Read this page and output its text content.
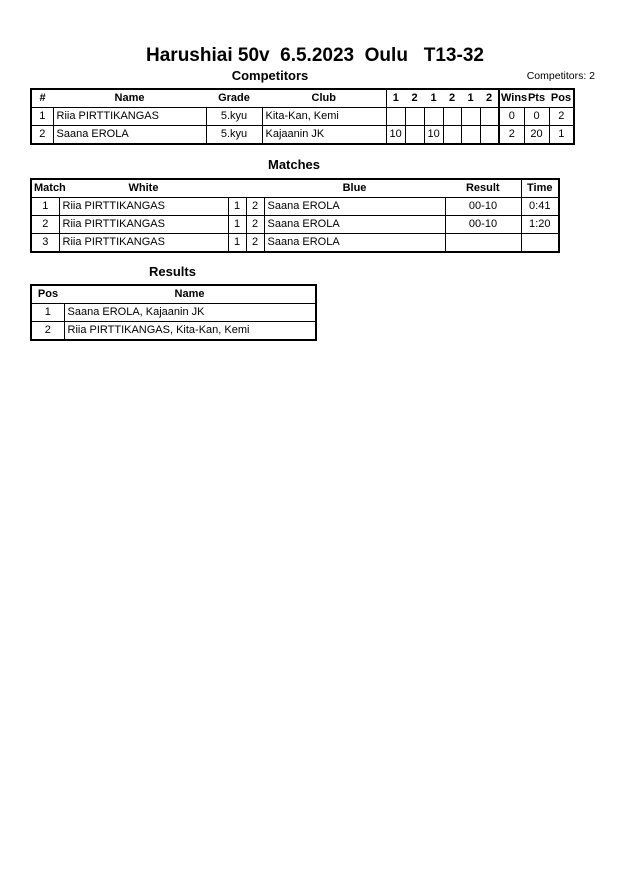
Harushiai 50v  6.5.2023  Oulu   T13-32
Competitors	Competitors: 2
#	Name	Grade	Club	1	2	1	2	1	2	Wins	Pts	Pos
1	Riia PIRTTIKANGAS	5.kyu	Kita-Kan, Kemi							0	0	2
2	Saana EROLA	5.kyu	Kajaanin JK	10		10				2	20	1
Matches
Match	White			Blue	Result	Time
1	Riia PIRTTIKANGAS	1	2	Saana EROLA	00-10	0:41
2	Riia PIRTTIKANGAS	1	2	Saana EROLA	00-10	1:20
3	Riia PIRTTIKANGAS	1	2	Saana EROLA		
Results
Pos	Name
1	Saana EROLA, Kajaanin JK
2	Riia PIRTTIKANGAS, Kita-Kan, Kemi
